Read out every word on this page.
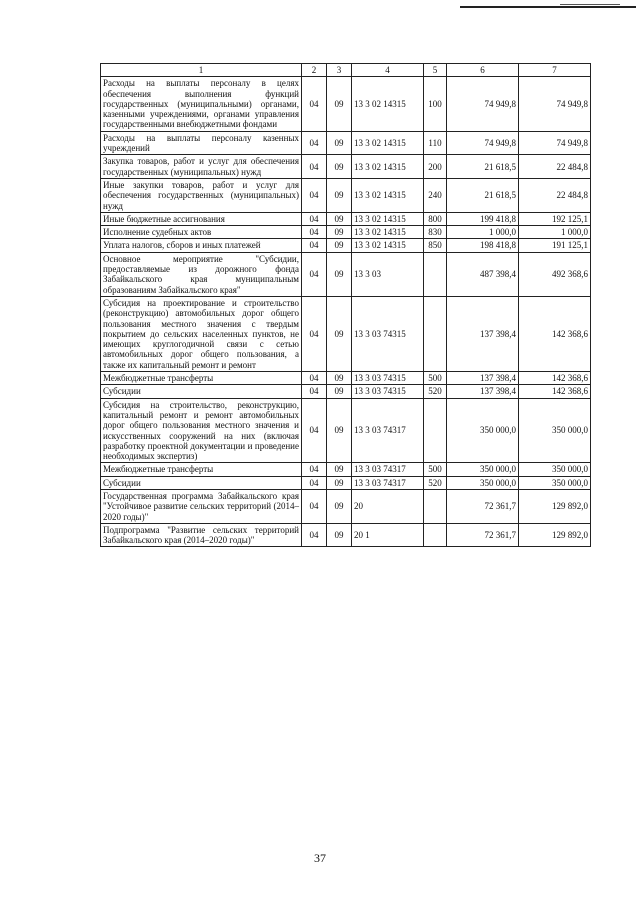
1	2	3	4	5	6	7
Расходы на выплаты персоналу в целях обеспечения выполнения функций государственных (муниципальными) органами, казенными учреждениями, органами управления государственными внебюджетными фондами	04	09	13 3 02 14315	100	74 949,8	74 949,8
Расходы на выплаты персоналу казенных учреждений	04	09	13 3 02 14315	110	74 949,8	74 949,8
Закупка товаров, работ и услуг для обеспечения государственных (муниципальных) нужд	04	09	13 3 02 14315	200	21 618,5	22 484,8
Иные закупки товаров, работ и услуг для обеспечения государственных (муниципальных) нужд	04	09	13 3 02 14315	240	21 618,5	22 484,8
Иные бюджетные ассигнования	04	09	13 3 02 14315	800	199 418,8	192 125,1
Исполнение судебных актов	04	09	13 3 02 14315	830	1 000,0	1 000,0
Уплата налогов, сборов и иных платежей	04	09	13 3 02 14315	850	198 418,8	191 125,1
Основное мероприятие "Субсидии, предоставляемые из дорожного фонда Забайкальского края муниципальным образованиям Забайкальского края"	04	09	13 3 03		487 398,4	492 368,6
Субсидия на проектирование и строительство (реконструкцию) автомобильных дорог общего пользования местного значения с твердым покрытием до сельских населенных пунктов, не имеющих круглогодичной связи с сетью автомобильных дорог общего пользования, а также их капитальный ремонт и ремонт	04	09	13 3 03 74315		137 398,4	142 368,6
Межбюджетные трансферты	04	09	13 3 03 74315	500	137 398,4	142 368,6
Субсидии	04	09	13 3 03 74315	520	137 398,4	142 368,6
Субсидия на строительство, реконструкцию, капитальный ремонт и ремонт автомобильных дорог общего пользования местного значения и искусственных сооружений на них (включая разработку проектной документации и проведение необходимых экспертиз)	04	09	13 3 03 74317		350 000,0	350 000,0
Межбюджетные трансферты	04	09	13 3 03 74317	500	350 000,0	350 000,0
Субсидии	04	09	13 3 03 74317	520	350 000,0	350 000,0
Государственная программа Забайкальского края "Устойчивое развитие сельских территорий (2014–2020 годы)"	04	09	20		72 361,7	129 892,0
Подпрограмма "Развитие сельских территорий Забайкальского края (2014–2020 годы)"	04	09	20 1		72 361,7	129 892,0
37
